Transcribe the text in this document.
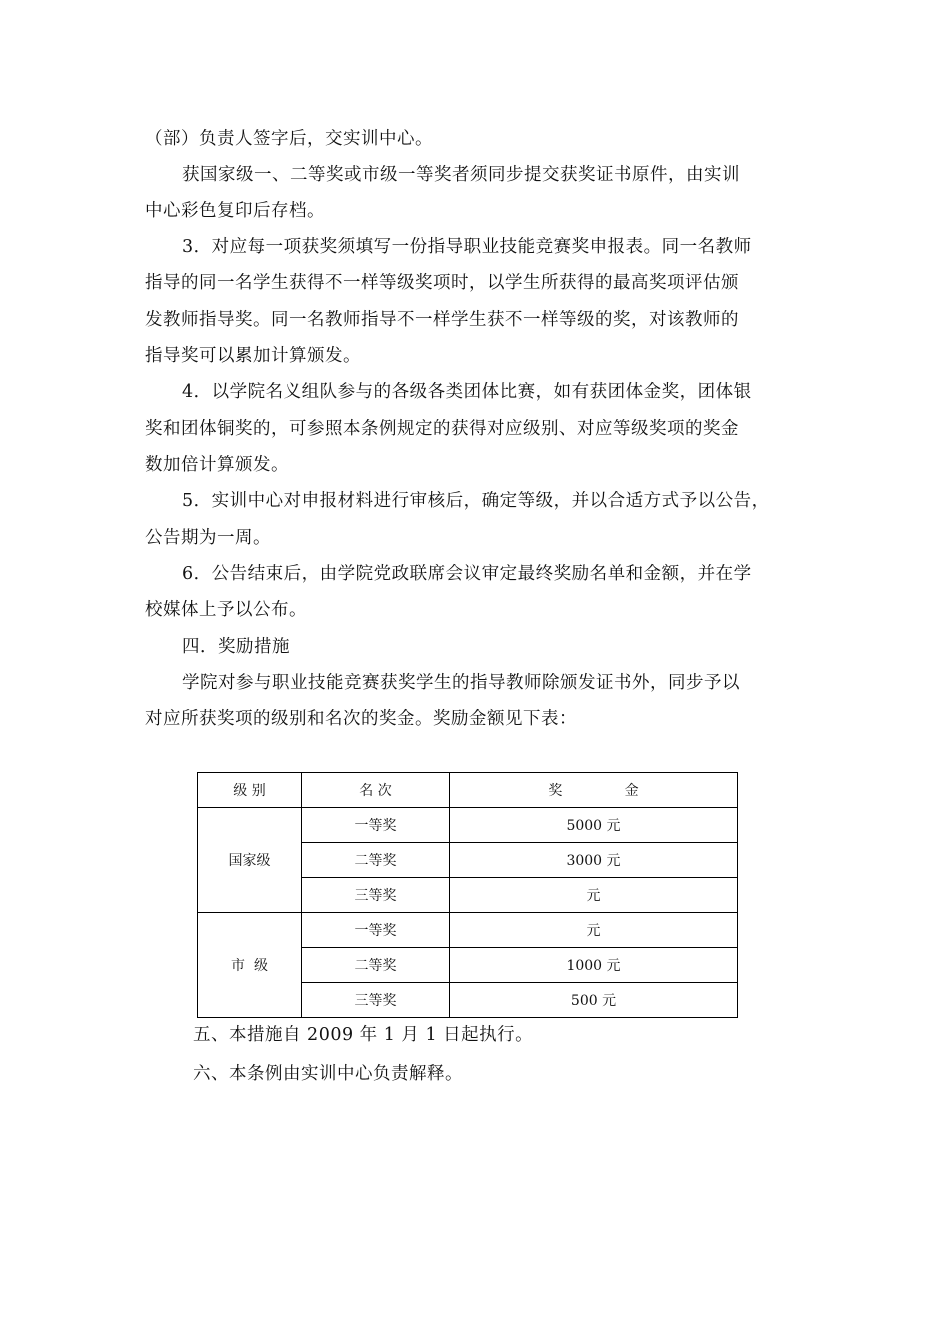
（部）负责人签字后，交实训中心。
获国家级一、二等奖或市级一等奖者须同步提交获奖证书原件，由实训
中心彩色复印后存档。
3．对应每一项获奖须填写一份指导职业技能竞赛奖申报表。同一名教师
指导的同一名学生获得不一样等级奖项时，以学生所获得的最高奖项评估颁
发教师指导奖。同一名教师指导不一样学生获不一样等级的奖，对该教师的
指导奖可以累加计算颁发。
4．以学院名义组队参与的各级各类团体比赛，如有获团体金奖，团体银
奖和团体铜奖的，可参照本条例规定的获得对应级别、对应等级奖项的奖金
数加倍计算颁发。
5．实训中心对申报材料进行审核后，确定等级，并以合适方式予以公告，
公告期为一周。
6．公告结束后，由学院党政联席会议审定最终奖励名单和金额，并在学
校媒体上予以公布。
四．奖励措施
学院对参与职业技能竞赛获奖学生的指导教师除颁发证书外，同步予以
对应所获奖项的级别和名次的奖金。奖励金额见下表：
级 别	名 次	奖              金
国家级	一等奖	5000 元
	二等奖	3000 元
	三等奖	元
市  级	一等奖	元
	二等奖	1000 元
	三等奖	500 元
五、本措施自 2009 年 1 月 1 日起执行。
六、本条例由实训中心负责解释。
